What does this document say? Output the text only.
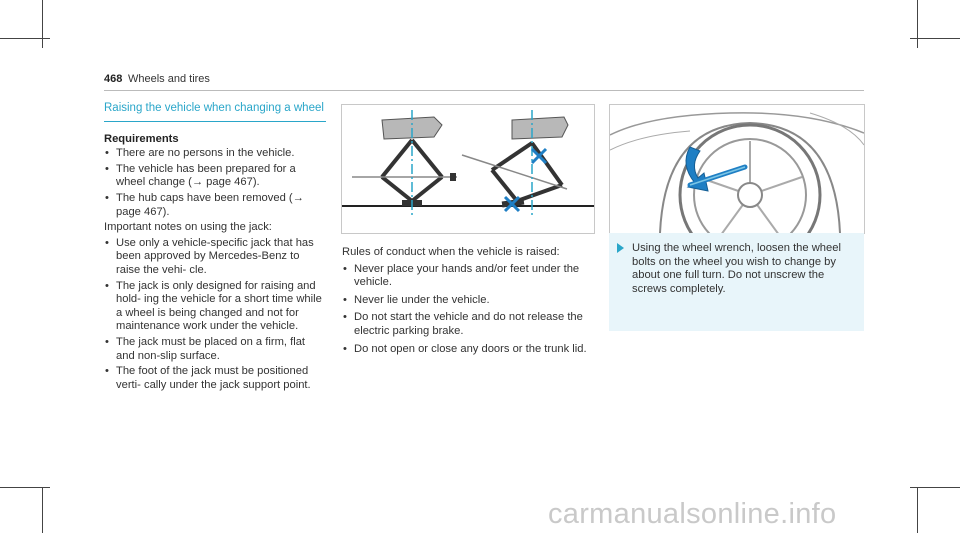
468 Wheels and tires
Raising the vehicle when changing a wheel
Requirements
• There are no persons in the vehicle.
• The vehicle has been prepared for a wheel change (→ page 467).
• The hub caps have been removed (→ page 467).
Important notes on using the jack:
• Use only a vehicle-specific jack that has been approved by Mercedes-Benz to raise the vehi- cle.
• The jack is only designed for raising and hold- ing the vehicle for a short time while a wheel is being changed and not for maintenance work under the vehicle.
• The jack must be placed on a firm, flat and non-slip surface.
• The foot of the jack must be positioned verti- cally under the jack support point.
Rules of conduct when the vehicle is raised:
• Never place your hands and/or feet under the vehicle.
• Never lie under the vehicle.
• Do not start the vehicle and do not release the electric parking brake.
• Do not open or close any doors or the trunk lid.
Using the wheel wrench, loosen the wheel bolts on the wheel you wish to change by about one full turn. Do not unscrew the screws completely.
carmanualsonline.info
